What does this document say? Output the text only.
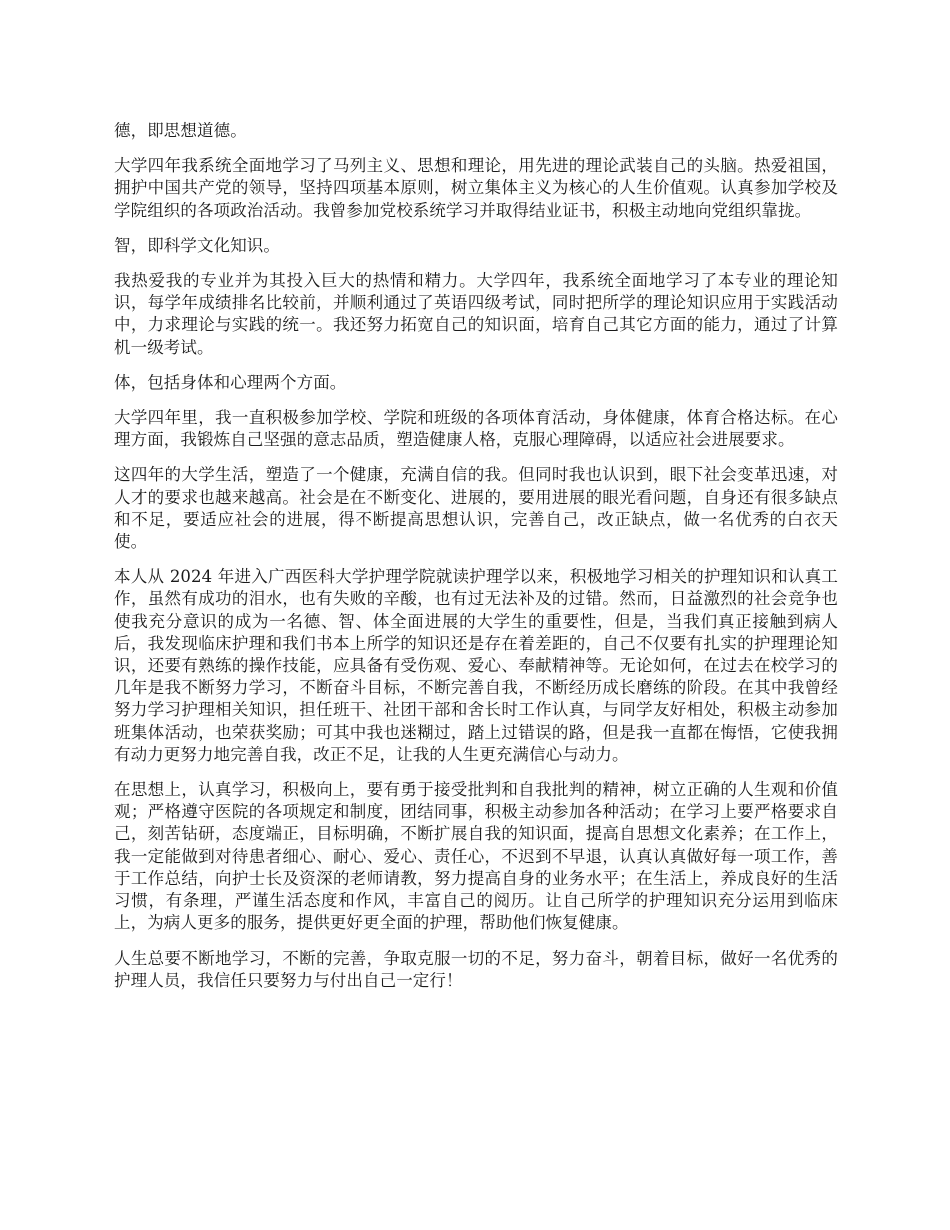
德，即思想道德。

大学四年我系统全面地学习了马列主义、思想和理论，用先进的理论武装自己的头脑。热爱祖国，拥护中国共产党的领导，坚持四项基本原则，树立集体主义为核心的人生价值观。认真参加学校及学院组织的各项政治活动。我曾参加党校系统学习并取得结业证书，积极主动地向党组织靠拢。

智，即科学文化知识。

我热爱我的专业并为其投入巨大的热情和精力。大学四年，我系统全面地学习了本专业的理论知识，每学年成绩排名比较前，并顺利通过了英语四级考试，同时把所学的理论知识应用于实践活动中，力求理论与实践的统一。我还努力拓宽自己的知识面，培育自己其它方面的能力，通过了计算机一级考试。

体，包括身体和心理两个方面。

大学四年里，我一直积极参加学校、学院和班级的各项体育活动，身体健康，体育合格达标。在心理方面，我锻炼自己坚强的意志品质，塑造健康人格，克服心理障碍，以适应社会进展要求。

这四年的大学生活，塑造了一个健康，充满自信的我。但同时我也认识到，眼下社会变革迅速，对人才的要求也越来越高。社会是在不断变化、进展的，要用进展的眼光看问题，自身还有很多缺点和不足，要适应社会的进展，得不断提高思想认识，完善自己，改正缺点，做一名优秀的白衣天使。

本人从 2024 年进入广西医科大学护理学院就读护理学以来，积极地学习相关的护理知识和认真工作，虽然有成功的泪水，也有失败的辛酸，也有过无法补及的过错。然而，日益激烈的社会竞争也使我充分意识的成为一名德、智、体全面进展的大学生的重要性，但是，当我们真正接触到病人后，我发现临床护理和我们书本上所学的知识还是存在着差距的，自己不仅要有扎实的护理理论知识，还要有熟练的操作技能，应具备有受伤观、爱心、奉献精神等。无论如何，在过去在校学习的几年是我不断努力学习，不断奋斗目标，不断完善自我，不断经历成长磨练的阶段。在其中我曾经努力学习护理相关知识，担任班干、社团干部和舍长时工作认真，与同学友好相处，积极主动参加班集体活动，也荣获奖励；可其中我也迷糊过，踏上过错误的路，但是我一直都在悔悟，它使我拥有动力更努力地完善自我，改正不足，让我的人生更充满信心与动力。

在思想上，认真学习，积极向上，要有勇于接受批判和自我批判的精神，树立正确的人生观和价值观；严格遵守医院的各项规定和制度，团结同事，积极主动参加各种活动；在学习上要严格要求自己，刻苦钻研，态度端正，目标明确，不断扩展自我的知识面，提高自思想文化素养；在工作上，我一定能做到对待患者细心、耐心、爱心、责任心，不迟到不早退，认真认真做好每一项工作，善于工作总结，向护士长及资深的老师请教，努力提高自身的业务水平；在生活上，养成良好的生活习惯，有条理，严谨生活态度和作风，丰富自己的阅历。让自己所学的护理知识充分运用到临床上，为病人更多的服务，提供更好更全面的护理，帮助他们恢复健康。

人生总要不断地学习，不断的完善，争取克服一切的不足，努力奋斗，朝着目标，做好一名优秀的护理人员，我信任只要努力与付出自己一定行！
